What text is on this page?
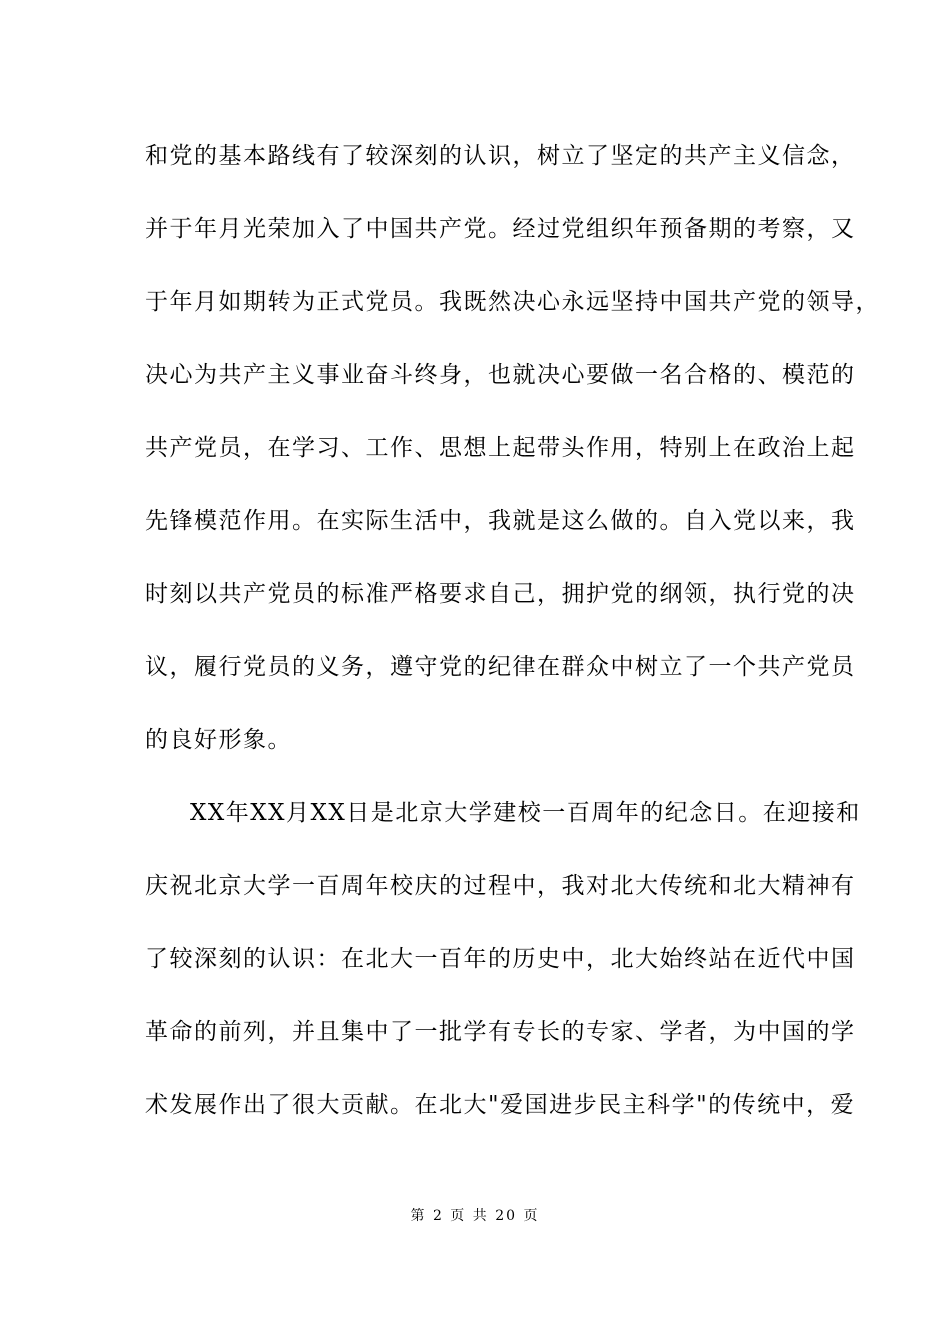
和党的基本路线有了较深刻的认识，树立了坚定的共产主义信念，
并于年月光荣加入了中国共产党。经过党组织年预备期的考察，又
于年月如期转为正式党员。我既然决心永远坚持中国共产党的领导，
决心为共产主义事业奋斗终身，也就决心要做一名合格的、模范的
共产党员，在学习、工作、思想上起带头作用，特别上在政治上起
先锋模范作用。在实际生活中，我就是这么做的。自入党以来，我
时刻以共产党员的标准严格要求自己，拥护党的纲领，执行党的决
议，履行党员的义务，遵守党的纪律在群众中树立了一个共产党员
的良好形象。
XX年XX月XX日是北京大学建校一百周年的纪念日。在迎接和
庆祝北京大学一百周年校庆的过程中，我对北大传统和北大精神有
了较深刻的认识：在北大一百年的历史中，北大始终站在近代中国
革命的前列，并且集中了一批学有专长的专家、学者，为中国的学
术发展作出了很大贡献。在北大"爱国进步民主科学"的传统中，爱
第 2 页 共 20 页
